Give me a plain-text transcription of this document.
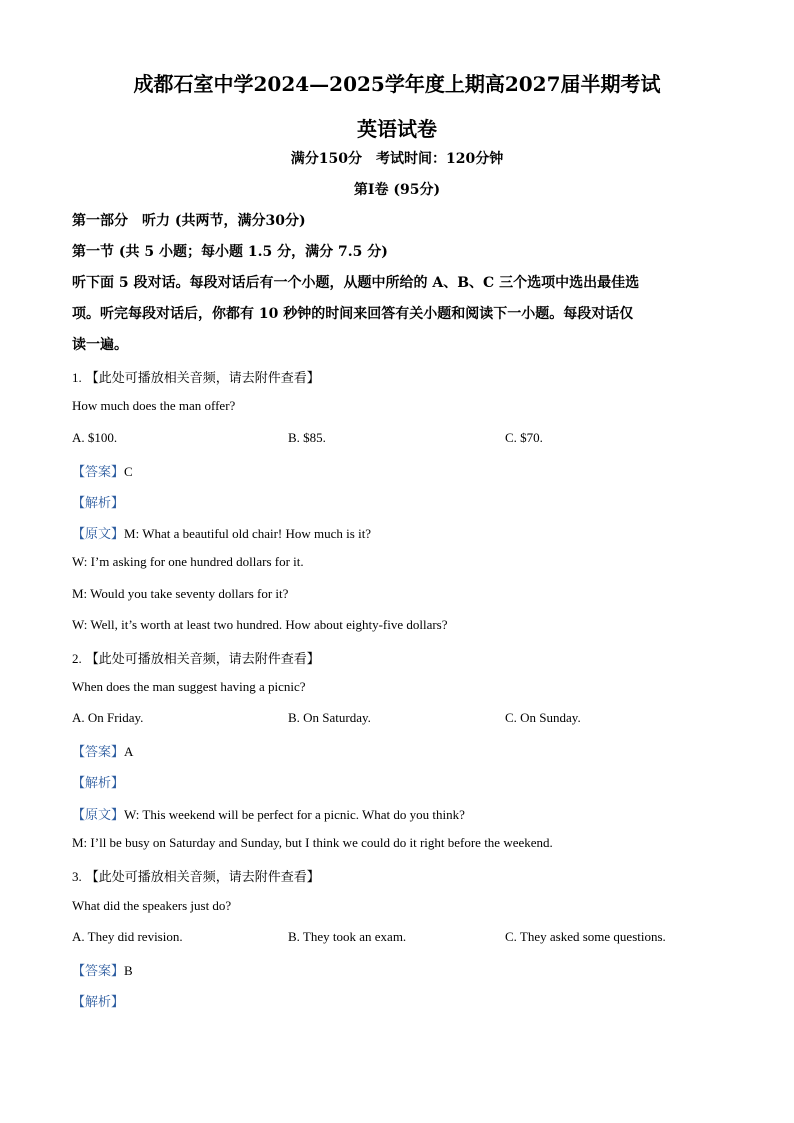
成都石室中学2024—2025学年度上期高2027届半期考试
英语试卷
满分150分　考试时间：120分钟
第I卷 (95分)
第一部分　听力 (共两节，满分30分)
第一节 (共 5 小题；每小题 1.5 分，满分 7.5 分)
听下面 5 段对话。每段对话后有一个小题，从题中所给的 A、B、C 三个选项中选出最佳选
项。听完每段对话后，你都有 10 秒钟的时间来回答有关小题和阅读下一小题。每段对话仅
读一遍。
1. 【此处可播放相关音频，请去附件查看】
How much does the man offer?
A. $100.	B. $85.	C. $70.
【答案】C
【解析】
【原文】M: What a beautiful old chair! How much is it?
W: I’m asking for one hundred dollars for it.
M: Would you take seventy dollars for it?
W: Well, it’s worth at least two hundred. How about eighty-five dollars?
2. 【此处可播放相关音频，请去附件查看】
When does the man suggest having a picnic?
A. On Friday.	B. On Saturday.	C. On Sunday.
【答案】A
【解析】
【原文】W: This weekend will be perfect for a picnic. What do you think?
M: I’ll be busy on Saturday and Sunday, but I think we could do it right before the weekend.
3. 【此处可播放相关音频，请去附件查看】
What did the speakers just do?
A. They did revision.	B. They took an exam.	C. They asked some questions.
【答案】B
【解析】
